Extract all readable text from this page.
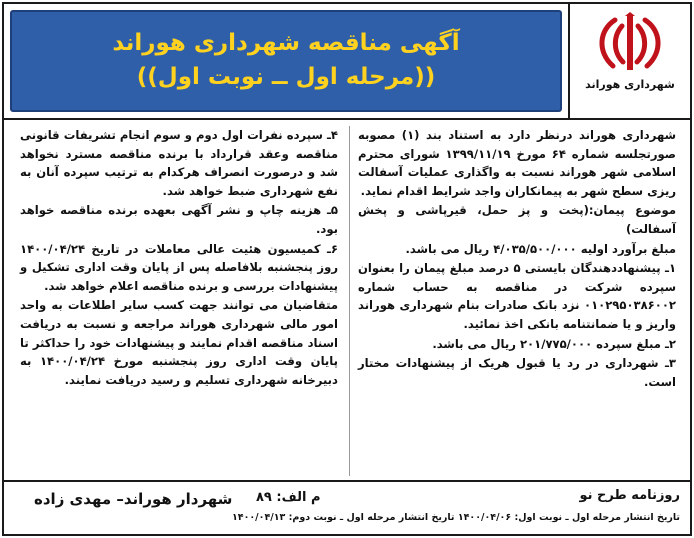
آگهی مناقصه شهرداری هوراند
((مرحله اول ــ نوبت اول))	شهرداری هوراند

شهرداری هوراند درنظر دارد به استناد بند (۱) مصوبه صورتجلسه شماره ۶۴ مورخ ۱۳۹۹/۱۱/۱۹ شورای محترم اسلامی شهر هوراند نسبت به واگذاری عملیات آسفالت ریزی سطح شهر به پیمانکاران واجد شرایط اقدام نماید.

موضوع پیمان:(پخت و پز حمل، قیرپاشی و پخش آسفالت)

مبلغ برآورد اولیه ۴/۰۳۵/۵۰۰/۰۰۰ ریال می باشد.

۱ـ پیشنهاددهندگان بایستی ۵ درصد مبلغ پیمان را بعنوان سپرده شرکت در مناقصه به حساب شماره ۰۱۰۲۹۵۰۳۸۶۰۰۲ نزد بانک صادرات بنام شهرداری هوراند واریز و یا ضمانتنامه بانکی اخذ نمائید.

۲ـ مبلغ سپرده ۲۰۱/۷۷۵/۰۰۰ ریال می باشد.

۳ـ شهرداری در رد یا قبول هریک از پیشنهادات مختار است.

۴ـ سپرده نفرات اول دوم و سوم انجام تشریفات قانونی مناقصه وعقد قرارداد با برنده مناقصه مسترد نخواهد شد و درصورت انصراف هرکدام به ترتیب سپرده آنان به نفع شهرداری ضبط خواهد شد.

۵ـ هزینه چاپ و نشر آگهی بعهده برنده مناقصه خواهد بود.

۶ـ کمیسیون هئیت عالی معاملات در تاریخ ۱۴۰۰/۰۴/۲۴ روز پنجشنبه بلافاصله پس از پایان وقت اداری تشکیل و پیشنهادات بررسی و برنده مناقصه اعلام خواهد شد.

متقاضیان می توانند جهت کسب سایر اطلاعات به واحد امور مالی شهرداری هوراند مراجعه و نسبت به دریافت اسناد مناقصه اقدام نمایند و پیشنهادات خود را حداکثر تا پایان وقت اداری روز پنجشنبه مورخ ۱۴۰۰/۰۴/۲۴ به دبیرخانه شهرداری تسلیم و رسید دریافت نمایند.

روزنامه طرح نو
م الف: ۸۹
شهردار هوراند– مهدی زاده
تاریخ انتشار مرحله اول ـ نوبت اول: ۱۴۰۰/۰۴/۰۶ تاریخ انتشار مرحله اول ـ نوبت دوم: ۱۴۰۰/۰۴/۱۳
